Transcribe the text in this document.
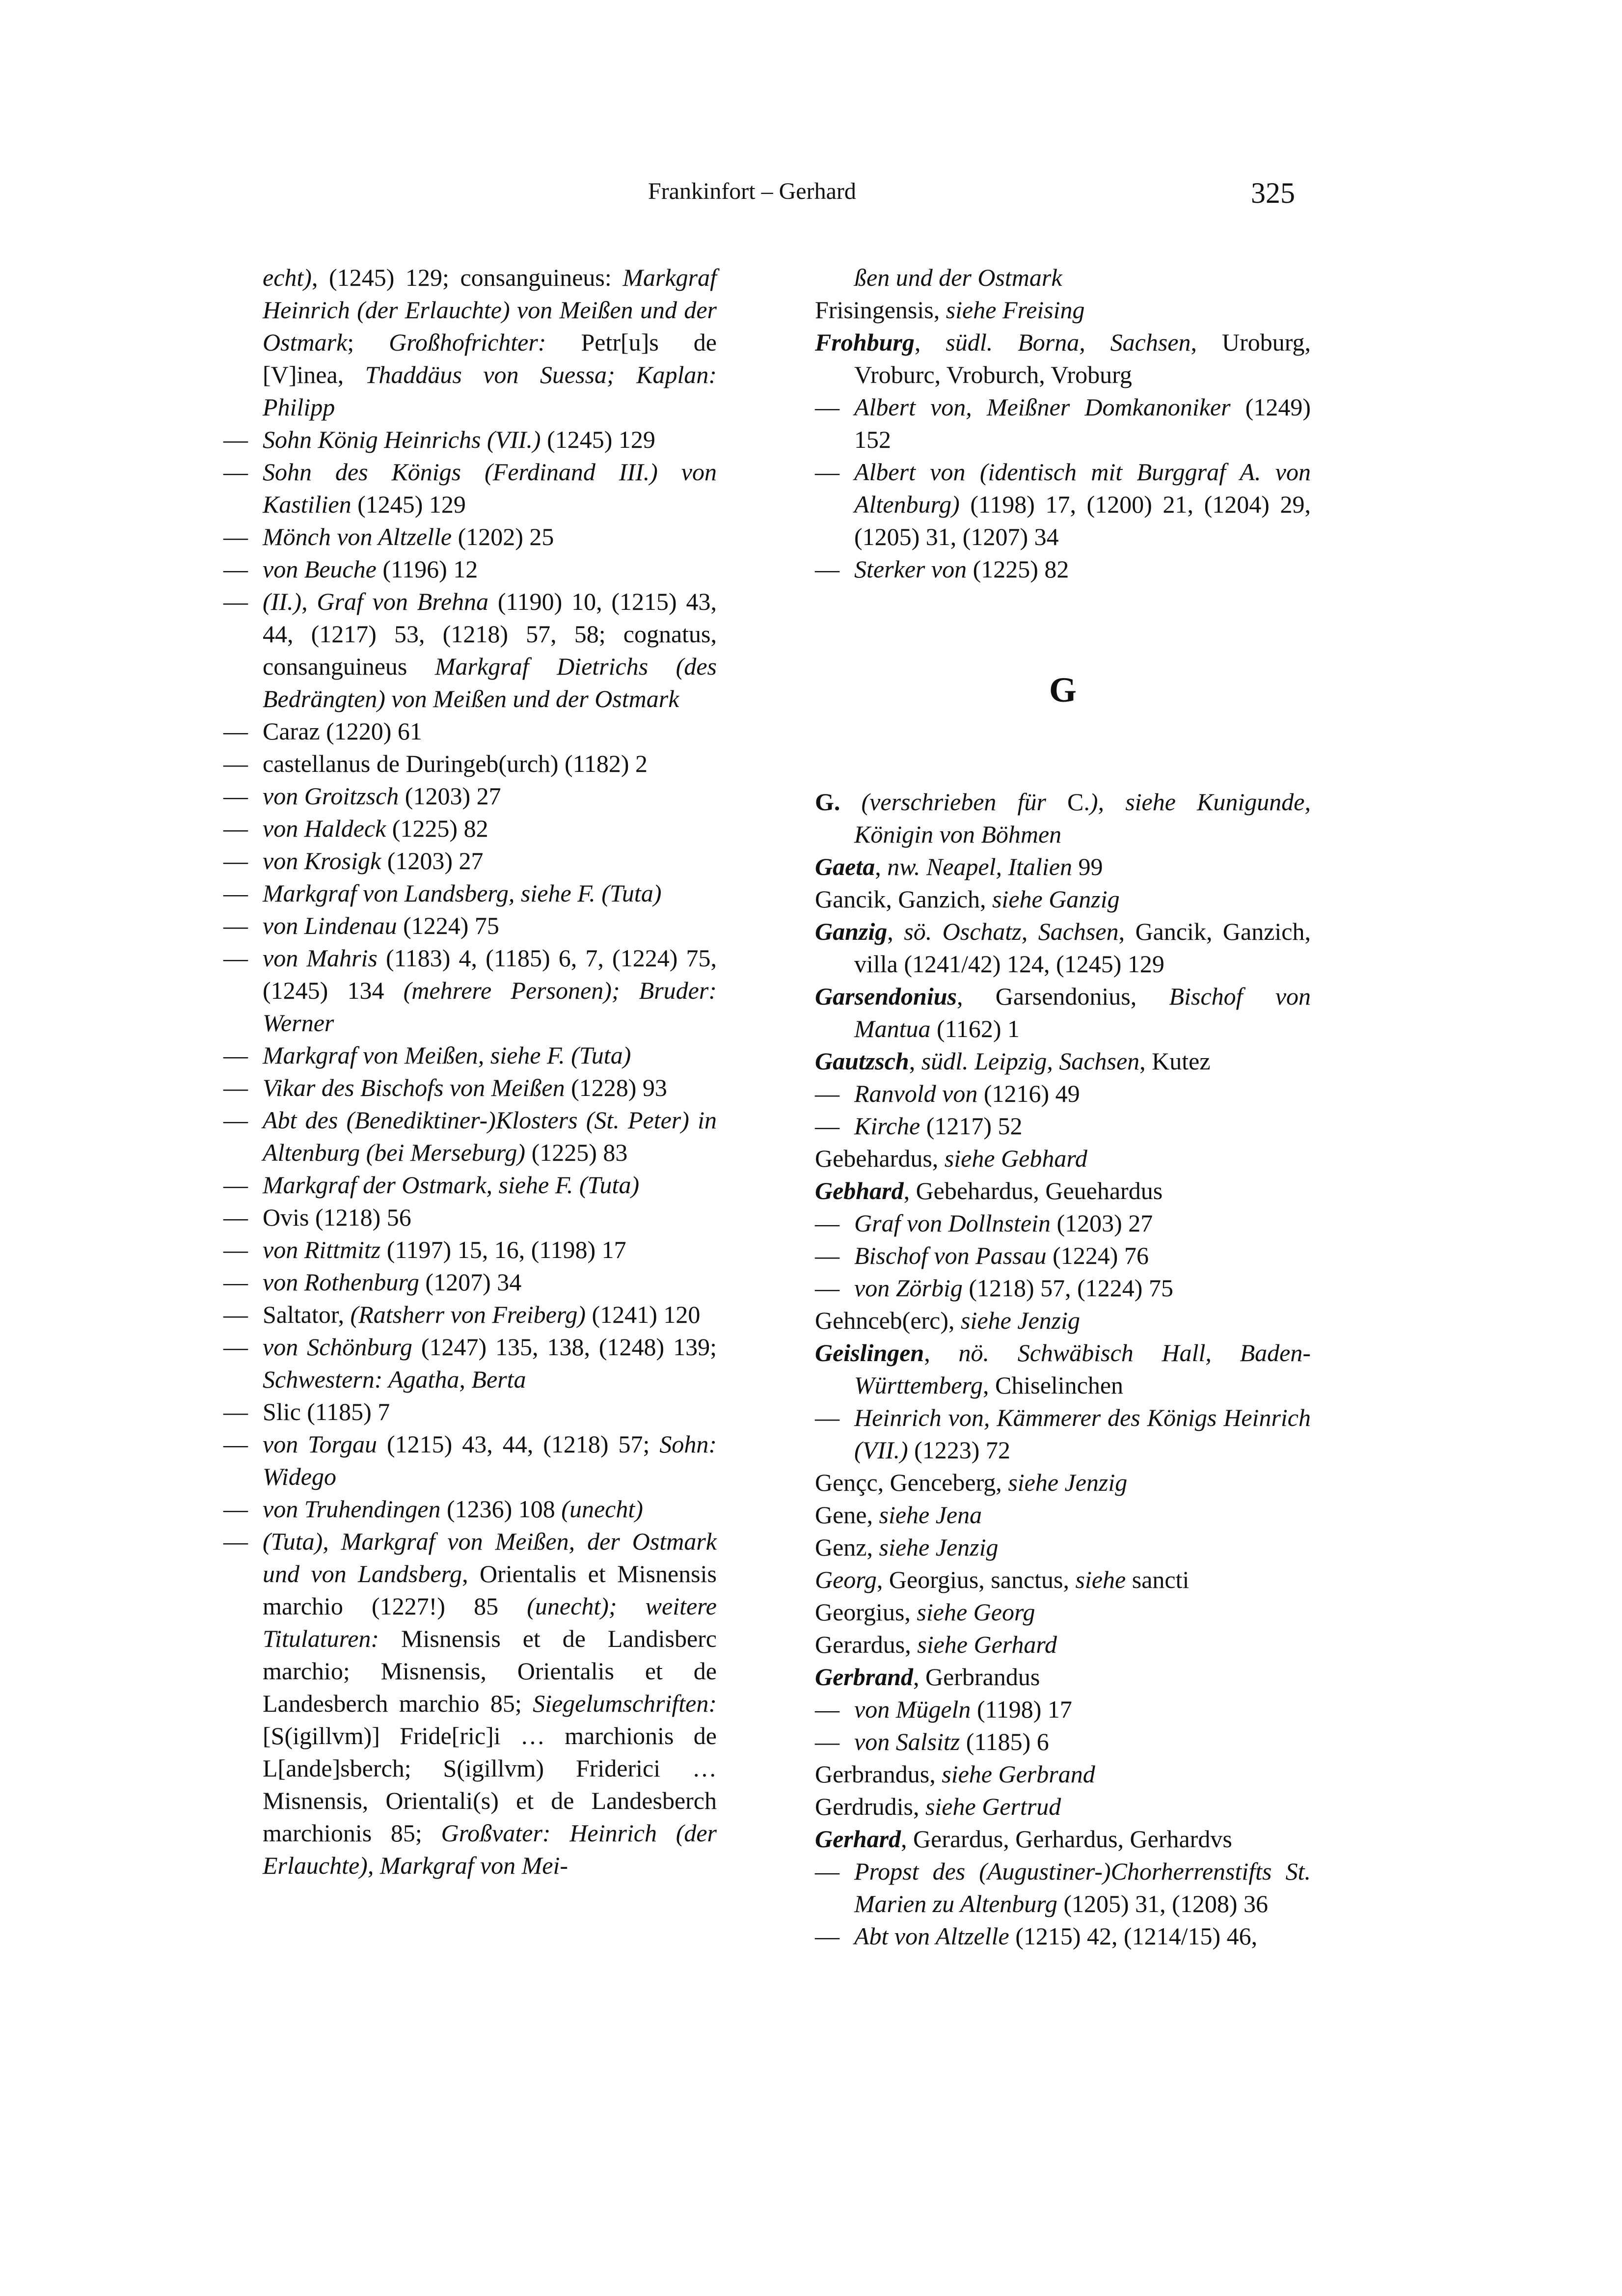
Frankinfort – Gerhard	325

echt), (1245) 129; consanguineus: Markgraf Heinrich (der Erlauchte) von Meißen und der Ostmark; Großhofrichter: Petr[u]s de [V]inea, Thaddäus von Suessa; Kaplan: Philipp

— Sohn König Heinrichs (VII.) (1245) 129

— Sohn des Königs (Ferdinand III.) von Kastilien (1245) 129

— Mönch von Altzelle (1202) 25

— von Beuche (1196) 12

— (II.), Graf von Brehna (1190) 10, (1215) 43, 44, (1217) 53, (1218) 57, 58; cognatus, consanguineus Markgraf Dietrichs (des Bedrängten) von Meißen und der Ostmark

— Caraz (1220) 61

— castellanus de Duringeb(urch) (1182) 2

— von Groitzsch (1203) 27

— von Haldeck (1225) 82

— von Krosigk (1203) 27

— Markgraf von Landsberg, siehe F. (Tuta)

— von Lindenau (1224) 75

— von Mahris (1183) 4, (1185) 6, 7, (1224) 75, (1245) 134 (mehrere Personen); Bruder: Werner

— Markgraf von Meißen, siehe F. (Tuta)

— Vikar des Bischofs von Meißen (1228) 93

— Abt des (Benediktiner-)Klosters (St. Peter) in Altenburg (bei Merseburg) (1225) 83

— Markgraf der Ostmark, siehe F. (Tuta)

— Ovis (1218) 56

— von Rittmitz (1197) 15, 16, (1198) 17

— von Rothenburg (1207) 34

— Saltator, (Ratsherr von Freiberg) (1241) 120

— von Schönburg (1247) 135, 138, (1248) 139; Schwestern: Agatha, Berta

— Slic (1185) 7

— von Torgau (1215) 43, 44, (1218) 57; Sohn: Widego

— von Truhendingen (1236) 108 (unecht)

— (Tuta), Markgraf von Meißen, der Ostmark und von Landsberg, Orientalis et Misnensis marchio (1227!) 85 (unecht); weitere Titulaturen: Misnensis et de Landisberc marchio; Misnensis, Orientalis et de Landesberch marchio 85; Siegelumschriften: [S(igillvm)] Fride[ric]i … marchionis de L[ande]sberch; S(igillvm) Friderici … Misnensis, Orientali(s) et de Landesberch marchionis 85; Großvater: Heinrich (der Erlauchte), Markgraf von Mei-

ßen und der Ostmark

Frisingensis, siehe Freising

Frohburg, südl. Borna, Sachsen, Uroburg, Vroburc, Vroburch, Vroburg

— Albert von, Meißner Domkanoniker (1249) 152

— Albert von (identisch mit Burggraf A. von Altenburg) (1198) 17, (1200) 21, (1204) 29, (1205) 31, (1207) 34

— Sterker von (1225) 82

G

G. (verschrieben für C.), siehe Kunigunde, Königin von Böhmen

Gaeta, nw. Neapel, Italien 99

Gancik, Ganzich, siehe Ganzig

Ganzig, sö. Oschatz, Sachsen, Gancik, Ganzich, villa (1241/42) 124, (1245) 129

Garsendonius, Garsendonius, Bischof von Mantua (1162) 1

Gautzsch, südl. Leipzig, Sachsen, Kutez

— Ranvold von (1216) 49

— Kirche (1217) 52

Gebehardus, siehe Gebhard

Gebhard, Gebehardus, Geuehardus

— Graf von Dollnstein (1203) 27

— Bischof von Passau (1224) 76

— von Zörbig (1218) 57, (1224) 75

Gehnceb(erc), siehe Jenzig

Geislingen, nö. Schwäbisch Hall, Baden-Württemberg, Chiselinchen

— Heinrich von, Kämmerer des Königs Heinrich (VII.) (1223) 72

Gençc, Genceberg, siehe Jenzig

Gene, siehe Jena

Genz, siehe Jenzig

Georg, Georgius, sanctus, siehe sancti

Georgius, siehe Georg

Gerardus, siehe Gerhard

Gerbrand, Gerbrandus

— von Mügeln (1198) 17

— von Salsitz (1185) 6

Gerbrandus, siehe Gerbrand

Gerdrudis, siehe Gertrud

Gerhard, Gerardus, Gerhardus, Gerhardvs

— Propst des (Augustiner-)Chorherrenstifts St. Marien zu Altenburg (1205) 31, (1208) 36

— Abt von Altzelle (1215) 42, (1214/15) 46,
